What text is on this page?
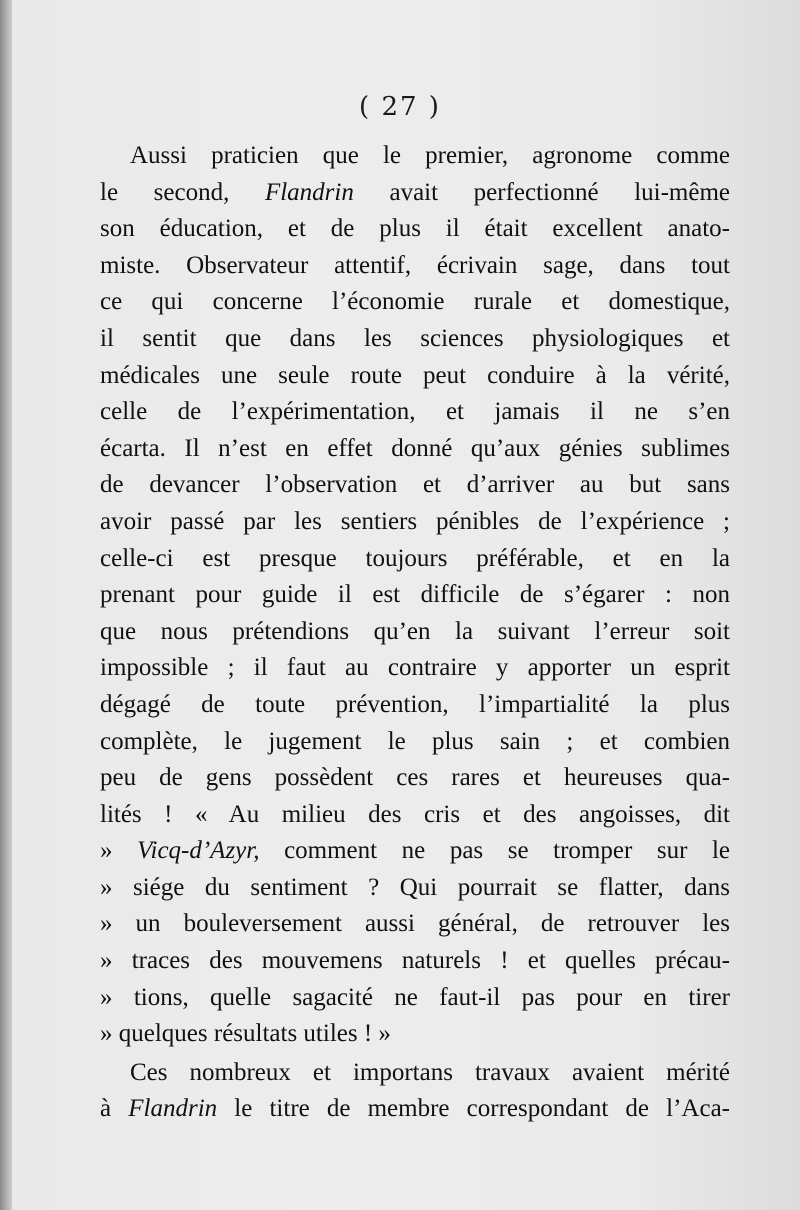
( 27 )
Aussi praticien que le premier, agronome comme
le second, Flandrin avait perfectionné lui-même
son éducation, et de plus il était excellent anato-
miste. Observateur attentif, écrivain sage, dans tout
ce qui concerne l’économie rurale et domestique,
il sentit que dans les sciences physiologiques et
médicales une seule route peut conduire à la vérité,
celle de l’expérimentation, et jamais il ne s’en
écarta. Il n’est en effet donné qu’aux génies sublimes
de devancer l’observation et d’arriver au but sans
avoir passé par les sentiers pénibles de l’expérience ;
celle-ci est presque toujours préférable, et en la
prenant pour guide il est difficile de s’égarer : non
que nous prétendions qu’en la suivant l’erreur soit
impossible ; il faut au contraire y apporter un esprit
dégagé de toute prévention, l’impartialité la plus
complète, le jugement le plus sain ; et combien
peu de gens possèdent ces rares et heureuses qua-
lités ! « Au milieu des cris et des angoisses, dit
» Vicq-d’Azyr, comment ne pas se tromper sur le
» siége du sentiment ? Qui pourrait se flatter, dans
» un bouleversement aussi général, de retrouver les
» traces des mouvemens naturels ! et quelles précau-
» tions, quelle sagacité ne faut-il pas pour en tirer
» quelques résultats utiles ! »
Ces nombreux et importans travaux avaient mérité
à Flandrin le titre de membre correspondant de l’Aca-
